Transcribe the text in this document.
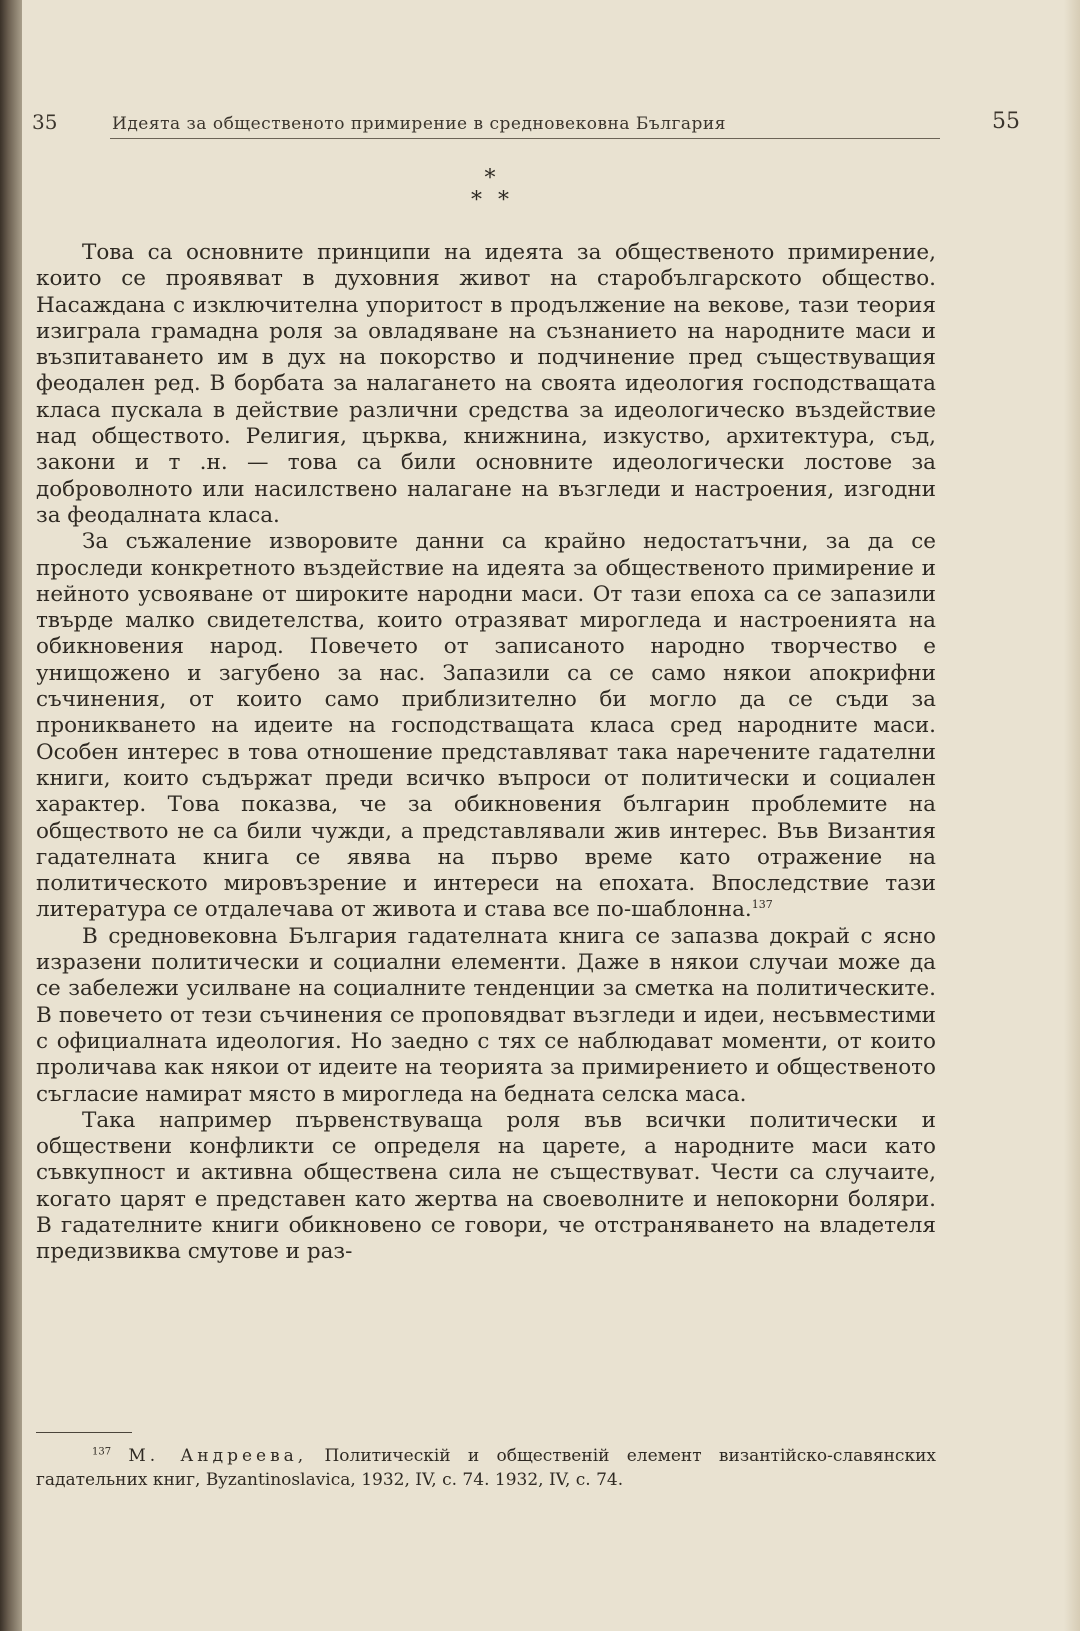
35	Идеята за общественото примирение в средновековна България	55
*
**

Това са основните принципи на идеята за общественото примирение, които се проявяват в духовния живот на старобългарското общество. Насаждана с изключителна упоритост в продължение на векове, тази теория изиграла грамадна роля за овладяване на съзнанието на народните маси и възпитаването им в дух на покорство и подчинение пред съществуващия феодален ред. В борбата за налагането на своята идеология господстващата класа пускала в действие различни средства за идеологическо въздействие над обществото. Религия, църква, книжнина, изкуство, архитектура, съд, закони и т .н. — това са били основните идеологически лостове за доброволното или насилствено налагане на възгледи и настроения, изгодни за феодалната класа.

За съжаление изворовите данни са крайно недостатъчни, за да се проследи конкретното въздействие на идеята за общественото примирение и нейното усвояване от широките народни маси. От тази епоха са се запазили твърде малко свидетелства, които отразяват мирогледа и настроенията на обикновения народ. Повечето от записаното народно творчество е унищожено и загубено за нас. Запазили са се само някои апокрифни съчинения, от които само приблизително би могло да се съди за проникването на идеите на господстващата класа сред народните маси. Особен интерес в това отношение представляват така наречените гадателни книги, които съдържат преди всичко въпроси от политически и социален характер. Това показва, че за обикновения българин проблемите на обществото не са били чужди, а представлявали жив интерес. Във Византия гадателната книга се явява на първо време като отражение на политическото мировъзрение и интереси на епохата. Впоследствие тази литература се отдалечава от живота и става все по-шаблонна.$^{137}$

В средновековна България гадателната книга се запазва докрай с ясно изразени политически и социални елементи. Даже в някои случаи може да се забележи усилване на социалните тенденции за сметка на политическите. В повечето от тези съчинения се проповядват възгледи и идеи, несъвместими с официалната идеология. Но заедно с тях се наблюдават моменти, от които проличава как някои от идеите на теорията за примирението и общественото съгласие намират място в мирогледа на бедната селска маса.

Така например първенствуваща роля във всички политически и обществени конфликти се определя на царете, а народните маси като съвкупност и активна обществена сила не съществуват. Чести са случаите, когато царят е представен като жертва на своеволните и непокорни боляри. В гадателните книги обикновено се говори, че отстраняването на владетеля предизвиква смутове и раз-

$^{137}$ М. Андреева, Политическій и общественій елемент византійско-славянских гадательних книг, Byzantinoslavica, 1932, IV, с. 74. 1932, IV, с. 74.
